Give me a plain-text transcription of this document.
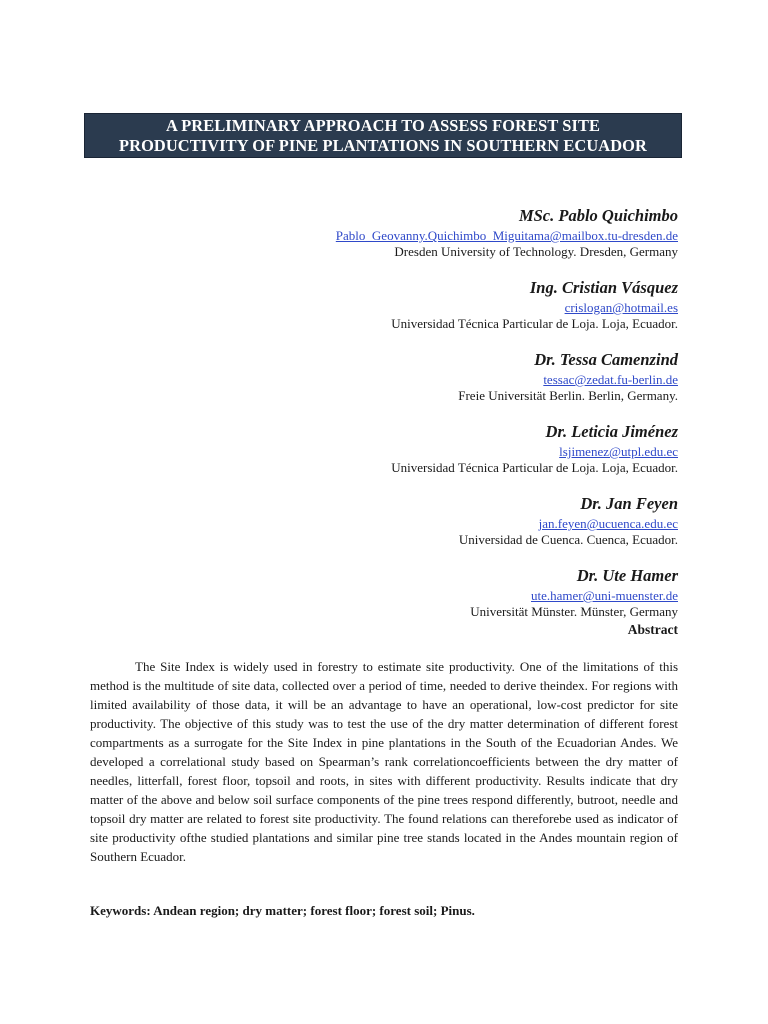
A PRELIMINARY APPROACH TO ASSESS FOREST SITE
PRODUCTIVITY OF PINE PLANTATIONS IN SOUTHERN ECUADOR
MSc. Pablo Quichimbo
Pablo_Geovanny.Quichimbo_Miguitama@mailbox.tu-dresden.de
Dresden University of Technology. Dresden, Germany
Ing. Cristian Vásquez
crislogan@hotmail.es
Universidad Técnica Particular de Loja. Loja, Ecuador.
Dr. Tessa Camenzind
tessac@zedat.fu-berlin.de
Freie Universität Berlin. Berlin, Germany.
Dr. Leticia Jiménez
lsjimenez@utpl.edu.ec
Universidad Técnica Particular de Loja. Loja, Ecuador.
Dr. Jan Feyen
jan.feyen@ucuenca.edu.ec
Universidad de Cuenca. Cuenca, Ecuador.
Dr. Ute Hamer
ute.hamer@uni-muenster.de
Universität Münster. Münster, Germany
Abstract

The Site Index is widely used in forestry to estimate site productivity. One of the limitations of this method is the multitude of site data, collected over a period of time, needed to derive theindex. For regions with limited availability of those data, it will be an advantage to have an operational, low-cost predictor for site productivity. The objective of this study was to test the use of the dry matter determination of different forest compartments as a surrogate for the Site Index in pine plantations in the South of the Ecuadorian Andes. We developed a correlational study based on Spearman’s rank correlationcoefficients between the dry matter of needles, litterfall, forest floor, topsoil and roots, in sites with different productivity. Results indicate that dry matter of the above and below soil surface components of the pine trees respond differently, butroot, needle and topsoil dry matter are related to forest site productivity. The found relations can thereforebe used as indicator of site productivity ofthe studied plantations and similar pine tree stands located in the Andes mountain region of Southern Ecuador.

Keywords: Andean region; dry matter; forest floor; forest soil; Pinus.
